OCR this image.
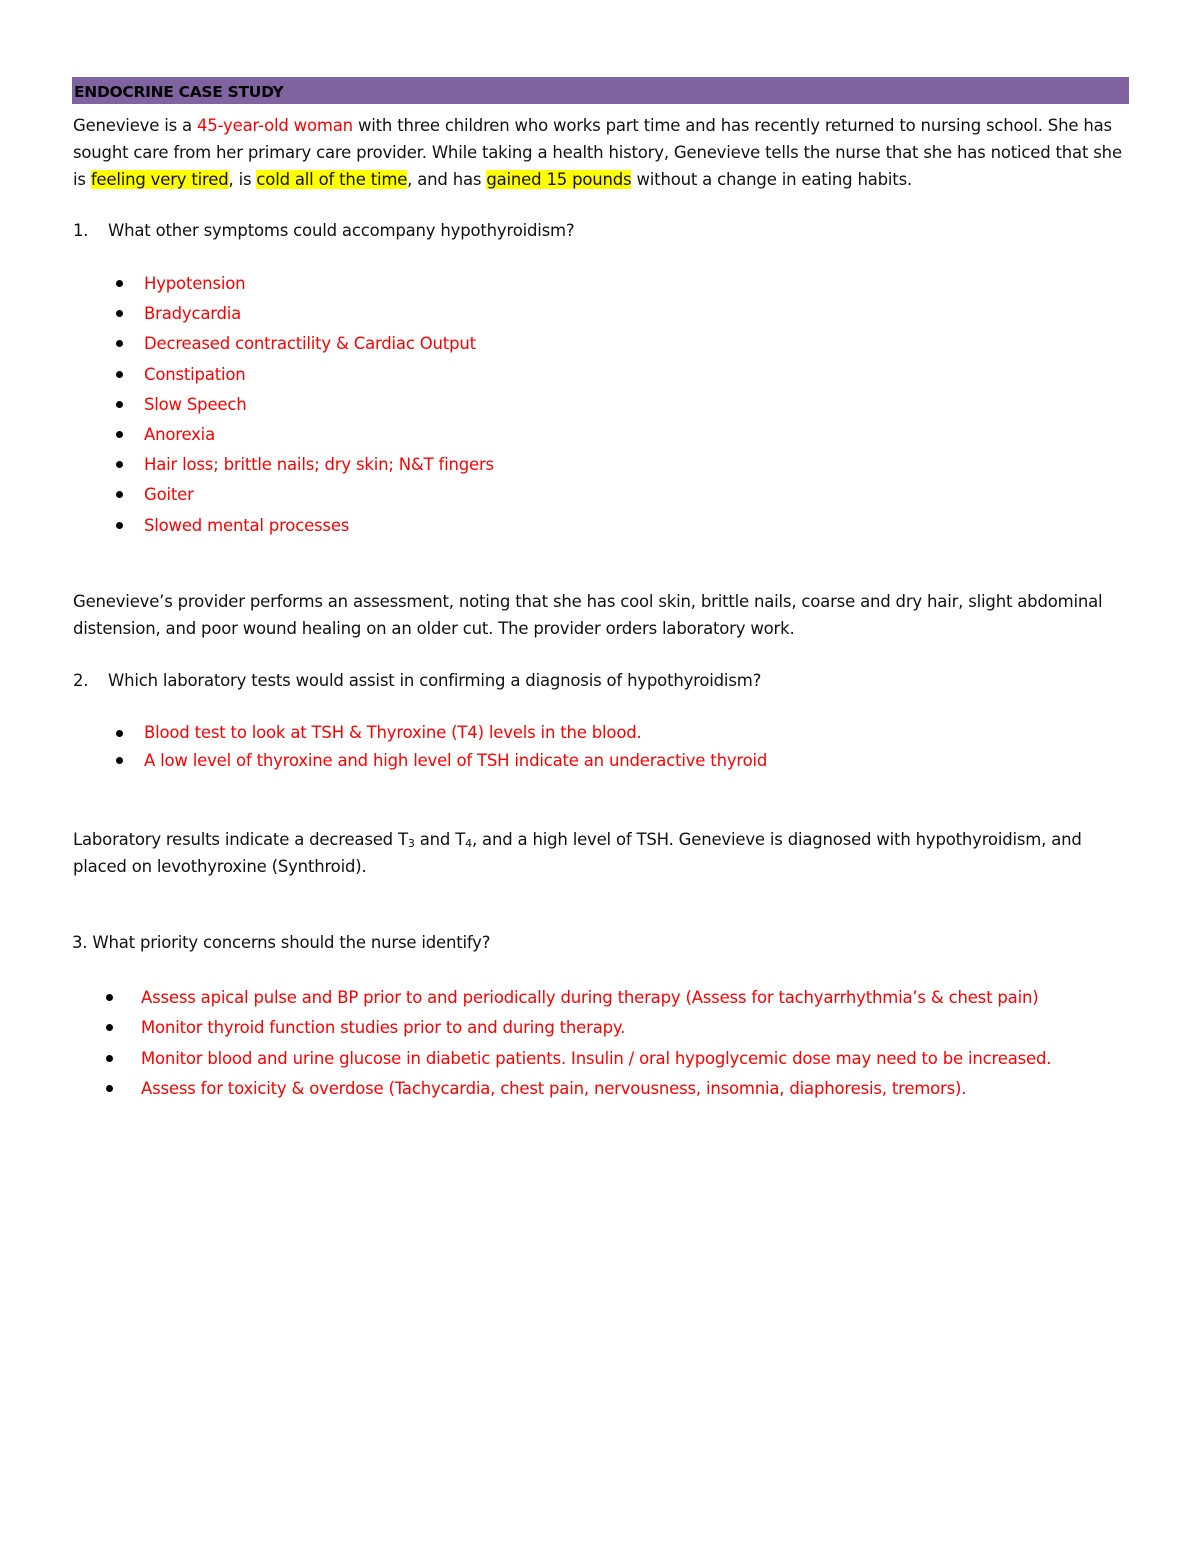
ENDOCRINE CASE STUDY

Genevieve is a 45-year-old woman with three children who works part time and has recently returned to nursing school. She has sought care from her primary care provider. While taking a health history, Genevieve tells the nurse that she has noticed that she is feeling very tired, is cold all of the time, and has gained 15 pounds without a change in eating habits.

1. What other symptoms could accompany hypothyroidism?

Hypotension
Bradycardia
Decreased contractility & Cardiac Output
Constipation
Slow Speech
Anorexia
Hair loss; brittle nails; dry skin; N&T fingers
Goiter
Slowed mental processes

Genevieve’s provider performs an assessment, noting that she has cool skin, brittle nails, coarse and dry hair, slight abdominal distension, and poor wound healing on an older cut. The provider orders laboratory work.

2. Which laboratory tests would assist in confirming a diagnosis of hypothyroidism?

Blood test to look at TSH & Thyroxine (T4) levels in the blood.
A low level of thyroxine and high level of TSH indicate an underactive thyroid

Laboratory results indicate a decreased $T_3$ and $T_4$, and a high level of TSH. Genevieve is diagnosed with hypothyroidism, and placed on levothyroxine (Synthroid).

3. What priority concerns should the nurse identify?

Assess apical pulse and BP prior to and periodically during therapy (Assess for tachyarrhythmia’s & chest pain)
Monitor thyroid function studies prior to and during therapy.
Monitor blood and urine glucose in diabetic patients. Insulin / oral hypoglycemic dose may need to be increased.
Assess for toxicity & overdose (Tachycardia, chest pain, nervousness, insomnia, diaphoresis, tremors).
